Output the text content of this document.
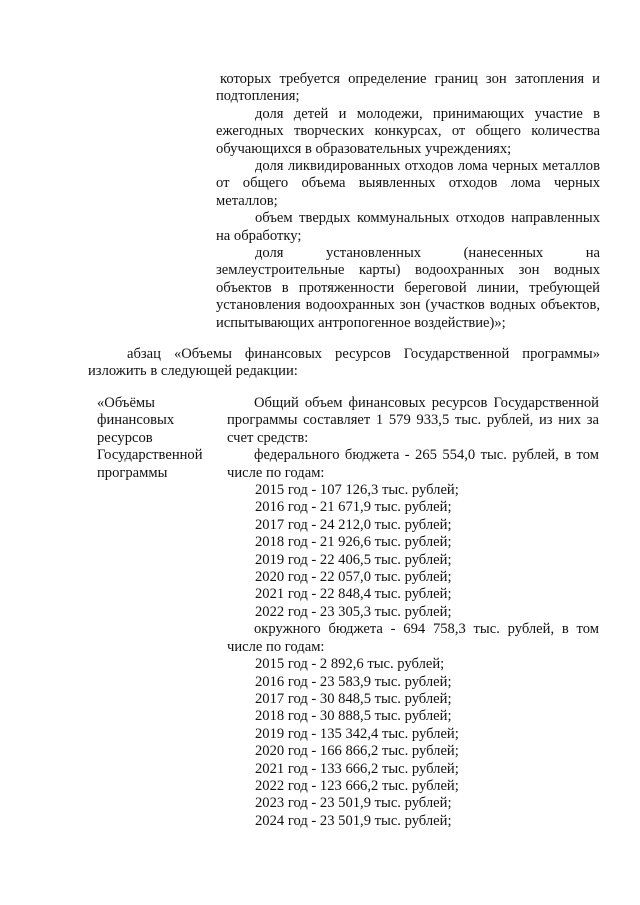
которых требуется определение границ зон затопления и подтопления;

доля детей и молодежи, принимающих участие в ежегодных творческих конкурсах, от общего количества обучающихся в образовательных учреждениях;

доля ликвидированных отходов лома черных металлов от общего объема выявленных отходов лома черных металлов;

объем твердых коммунальных отходов направленных на обработку;

доля установленных (нанесенных на землеустроительные карты) водоохранных зон водных объектов в протяженности береговой линии, требующей установления водоохранных зон (участков водных объектов, испытывающих антропогенное воздействие)»;

абзац «Объемы финансовых ресурсов Государственной программы» изложить в следующей редакции:

«Объёмы
финансовых
ресурсов
Государственной
программы

Общий объем финансовых ресурсов Государственной программы составляет 1 579 933,5 тыс. рублей, из них за счет средств:

федерального бюджета - 265 554,0 тыс. рублей, в том числе по годам:

2015 год - 107 126,3 тыс. рублей;
2016 год - 21 671,9 тыс. рублей;
2017 год - 24 212,0 тыс. рублей;
2018 год - 21 926,6 тыс. рублей;
2019 год - 22 406,5 тыс. рублей;
2020 год - 22 057,0 тыс. рублей;
2021 год - 22 848,4 тыс. рублей;
2022 год - 23 305,3 тыс. рублей;

окружного бюджета - 694 758,3 тыс. рублей, в том числе по годам:

2015 год - 2 892,6 тыс. рублей;
2016 год - 23 583,9 тыс. рублей;
2017 год - 30 848,5 тыс. рублей;
2018 год - 30 888,5 тыс. рублей;
2019 год - 135 342,4 тыс. рублей;
2020 год - 166 866,2 тыс. рублей;
2021 год - 133 666,2 тыс. рублей;
2022 год - 123 666,2 тыс. рублей;
2023 год - 23 501,9 тыс. рублей;
2024 год - 23 501,9 тыс. рублей;
